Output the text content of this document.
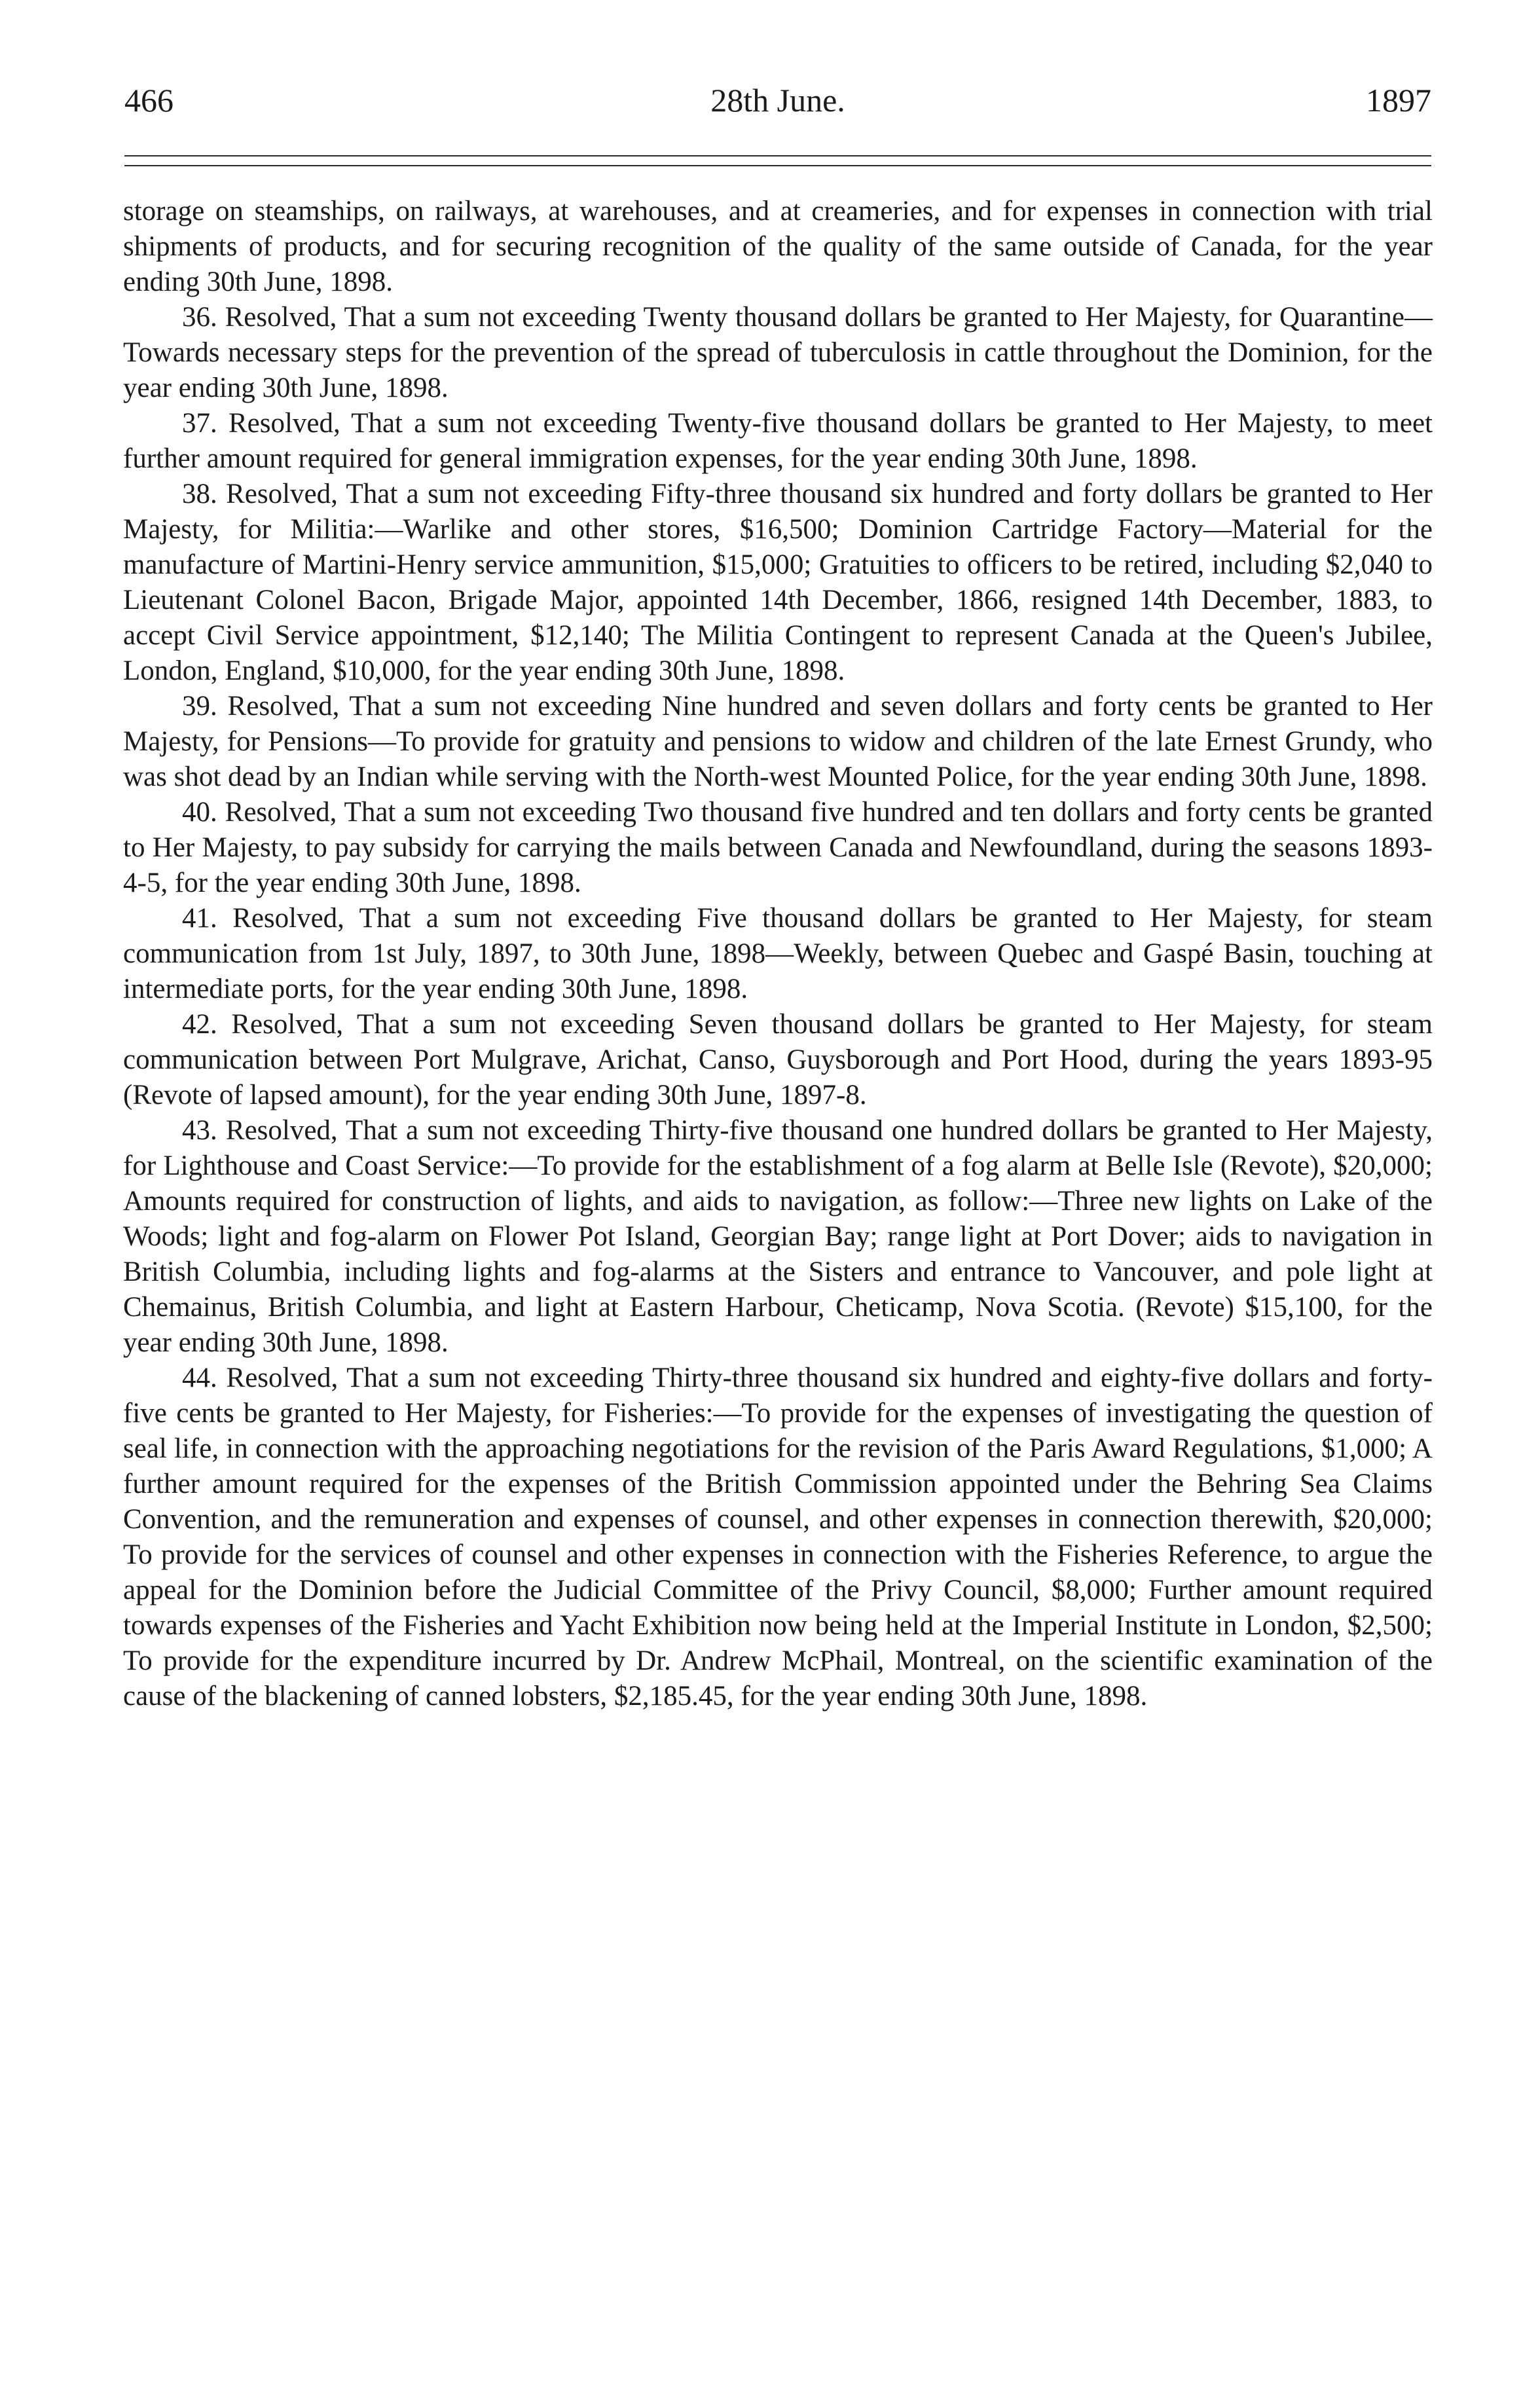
466	28th June.	1897

storage on steamships, on railways, at warehouses, and at creameries, and for expenses in connection with trial shipments of products, and for securing recognition of the quality of the same outside of Canada, for the year ending 30th June, 1898.

36. Resolved, That a sum not exceeding Twenty thousand dollars be granted to Her Majesty, for Quarantine—Towards necessary steps for the prevention of the spread of tuberculosis in cattle throughout the Dominion, for the year ending 30th June, 1898.

37. Resolved, That a sum not exceeding Twenty-five thousand dollars be granted to Her Majesty, to meet further amount required for general immigration expenses, for the year ending 30th June, 1898.

38. Resolved, That a sum not exceeding Fifty-three thousand six hundred and forty dollars be granted to Her Majesty, for Militia:—Warlike and other stores, $16,500; Dominion Cartridge Factory—Material for the manufacture of Martini-Henry service ammunition, $15,000; Gratuities to officers to be retired, including $2,040 to Lieutenant Colonel Bacon, Brigade Major, appointed 14th December, 1866, resigned 14th December, 1883, to accept Civil Service appointment, $12,140; The Militia Contingent to represent Canada at the Queen's Jubilee, London, England, $10,000, for the year ending 30th June, 1898.

39. Resolved, That a sum not exceeding Nine hundred and seven dollars and forty cents be granted to Her Majesty, for Pensions—To provide for gratuity and pensions to widow and children of the late Ernest Grundy, who was shot dead by an Indian while serving with the North-west Mounted Police, for the year ending 30th June, 1898.

40. Resolved, That a sum not exceeding Two thousand five hundred and ten dollars and forty cents be granted to Her Majesty, to pay subsidy for carrying the mails between Canada and Newfoundland, during the seasons 1893-4-5, for the year ending 30th June, 1898.

41. Resolved, That a sum not exceeding Five thousand dollars be granted to Her Majesty, for steam communication from 1st July, 1897, to 30th June, 1898—Weekly, between Quebec and Gaspé Basin, touching at intermediate ports, for the year ending 30th June, 1898.

42. Resolved, That a sum not exceeding Seven thousand dollars be granted to Her Majesty, for steam communication between Port Mulgrave, Arichat, Canso, Guysborough and Port Hood, during the years 1893-95 (Revote of lapsed amount), for the year ending 30th June, 1897-8.

43. Resolved, That a sum not exceeding Thirty-five thousand one hundred dollars be granted to Her Majesty, for Lighthouse and Coast Service:—To provide for the establishment of a fog alarm at Belle Isle (Revote), $20,000; Amounts required for construction of lights, and aids to navigation, as follow:—Three new lights on Lake of the Woods; light and fog-alarm on Flower Pot Island, Georgian Bay; range light at Port Dover; aids to navigation in British Columbia, including lights and fog-alarms at the Sisters and entrance to Vancouver, and pole light at Chemainus, British Columbia, and light at Eastern Harbour, Cheticamp, Nova Scotia. (Revote) $15,100, for the year ending 30th June, 1898.

44. Resolved, That a sum not exceeding Thirty-three thousand six hundred and eighty-five dollars and forty-five cents be granted to Her Majesty, for Fisheries:—To provide for the expenses of investigating the question of seal life, in connection with the approaching negotiations for the revision of the Paris Award Regulations, $1,000; A further amount required for the expenses of the British Commission appointed under the Behring Sea Claims Convention, and the remuneration and expenses of counsel, and other expenses in connection therewith, $20,000; To provide for the services of counsel and other expenses in connection with the Fisheries Reference, to argue the appeal for the Dominion before the Judicial Committee of the Privy Council, $8,000; Further amount required towards expenses of the Fisheries and Yacht Exhibition now being held at the Imperial Institute in London, $2,500; To provide for the expenditure incurred by Dr. Andrew McPhail, Montreal, on the scientific examination of the cause of the blackening of canned lobsters, $2,185.45, for the year ending 30th June, 1898.
